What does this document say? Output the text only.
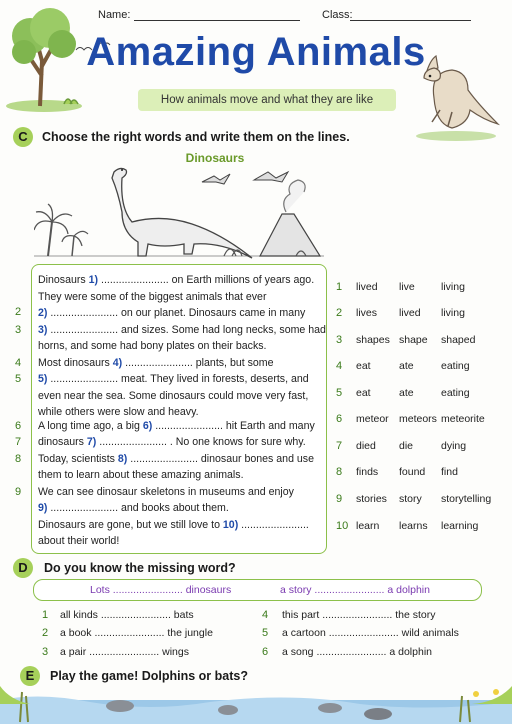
Name:	Class:
Amazing Animals
How animals move and what they are like
C	Choose the right words and write them on the lines.
Dinosaurs
Dinosaurs 1) ....................... on Earth millions of years ago.
They were some of the biggest animals that ever
2) ....................... on our planet. Dinosaurs came in many
3) ....................... and sizes. Some had long necks, some had
horns, and some had bony plates on their backs.
Most dinosaurs 4) ....................... plants, but some
5) ....................... meat. They lived in forests, deserts, and
even near the sea. Some dinosaurs could move very fast,
while others were slow and heavy.
A long time ago, a big 6) ....................... hit Earth and many
dinosaurs 7) ....................... . No one knows for sure why.
Today, scientists 8) ....................... dinosaur bones and use
them to learn about these amazing animals.
We can see dinosaur skeletons in museums and enjoy
9) ....................... and books about them.
Dinosaurs are gone, but we still love to 10) .......................
about their world!
2
3
4
5
6
7
8
9
1 lived live living
2 lives lived living
3 shapes shape shaped
4 eat	ate	eating
5 eat	ate	eating
6 meteor meteors meteorite
7 died die	dying
8 finds found find
9 stories story storytelling
10 learn learns learning
D	Do you know the missing word?
Lots ........................ dinosaurs	a story ........................ a dolphin
1 all kinds ........................ bats
2 a book ........................ the jungle
3 a pair ........................ wings
4 this part ........................ the story
5 a cartoon ........................ wild animals
6 a song ........................ a dolphin
E	Play the game! Dolphins or bats?
